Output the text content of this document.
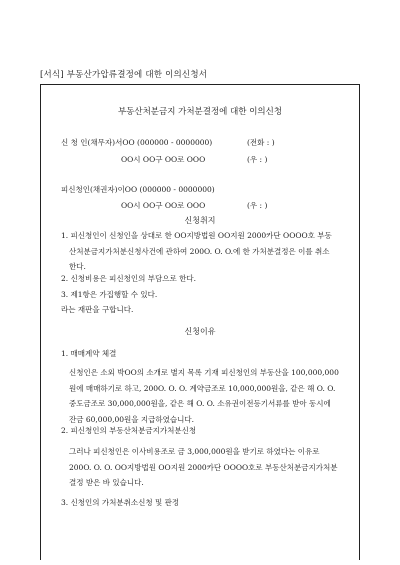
[서식] 부동산가압류결정에 대한 이의신청서
부동산처분금지 가처분결정에 대한 이의신청
신 청 인(채무자)서OO (000000 - 0000000)	(전화 : )
OO시 OO구 OO로 OOO	(우 : )
피신청인(채권자)이OO (000000 - 0000000)
OO시 OO구 OO로 OOO	(우 : )
신청취지
1. 피신청인이 신청인을 상대로 한 OO지방법원 OO지원 2000카단 OOOO호 부동
산처분금지가처분신청사건에 관하여 200O. O. O.에 한 가처분결정은 이를 취소
한다.
2. 신청비용은 피신청인의 부담으로 한다.
3. 제1항은 가집행할 수 있다.
라는 재판을 구합니다.
신청이유
1. 매매계약 체결
신청인은 소외 박OO의 소개로 별지 목록 기재 피신청인의 부동산을 100,000,000
원에 매매하기로 하고, 200O. O. O. 계약금조로 10,000,000원을, 같은 해 O. O.
중도금조로 30,000,000원을, 같은 해 O. O. 소유권이전등기서류를 받아 동시에
잔금 60,000,00원을 지급하였습니다.
2. 피신청인의 부동산처분금지가처분신청
그러나 피신청인은 이사비용조로 금 3,000,000원을 받기로 하였다는 이유로
200O. O. O. OO지방법원 OO지원 2000카단 OOOO호로 부동산처분금지가처분
결정 받은 바 있습니다.
3. 신청인의 가처분취소신청 및 판정
